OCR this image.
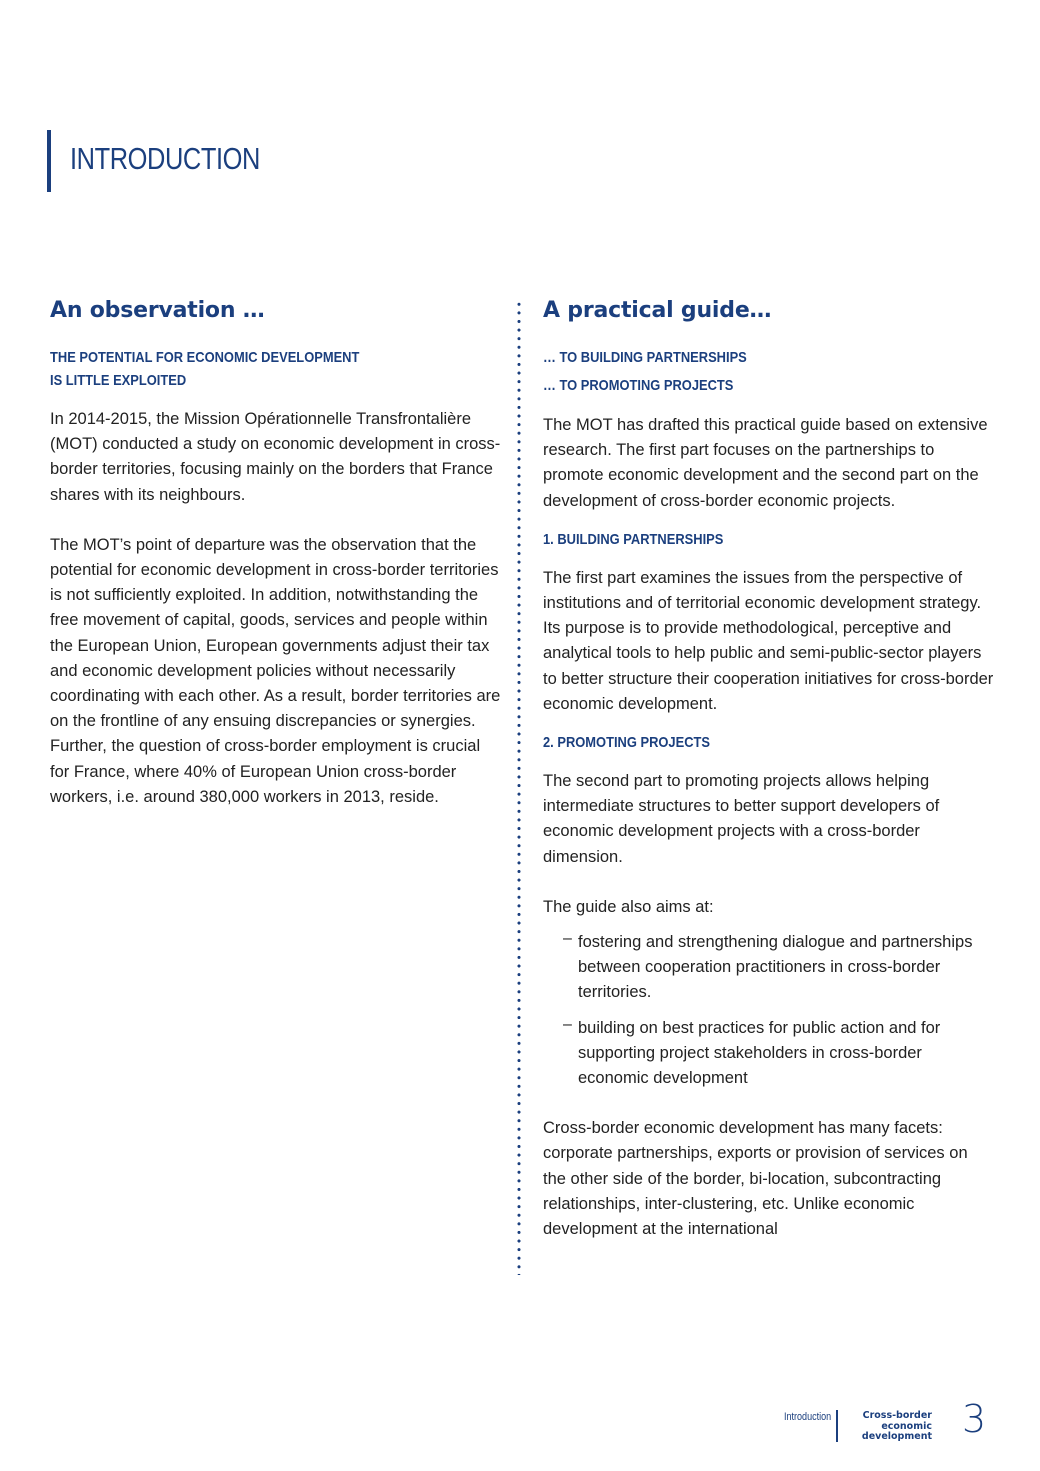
INTRODUCTION
An observation …

THE POTENTIAL FOR ECONOMIC DEVELOPMENT

IS LITTLE EXPLOITED

In 2014-2015, the Mission Opérationnelle Transfrontalière (MOT) conducted a study on economic development in cross-border territories, focusing mainly on the borders that France shares with its neighbours.

The MOT’s point of departure was the observation that the potential for economic development in cross-border territories is not sufficiently exploited. In addition, notwithstanding the free movement of capital, goods, services and people within the European Union, European governments adjust their tax and economic development policies without necessarily coordinating with each other. As a result, border territories are on the frontline of any ensuing discrepancies or synergies. Further, the question of cross-border employment is crucial for France, where 40% of European Union cross-border workers, i.e. around 380,000 workers in 2013, reside.

A practical guide…

… TO BUILDING PARTNERSHIPS

… TO PROMOTING PROJECTS

The MOT has drafted this practical guide based on extensive research. The first part focuses on the partnerships to promote economic development and the second part on the development of cross-border economic projects.

1. BUILDING PARTNERSHIPS

The first part examines the issues from the perspective of institutions and of territorial economic development strategy. Its purpose is to provide methodological, perceptive and analytical tools to help public and semi-public-sector players to better structure their cooperation initiatives for cross-border economic development.

2. PROMOTING PROJECTS

The second part to promoting projects allows helping intermediate structures to better support developers of economic development projects with a cross-border dimension.

The guide also aims at:

– fostering and strengthening dialogue and partnerships between cooperation practitioners in cross-border territories.

– building on best practices for public action and for supporting project stakeholders in cross-border economic development

Cross-border economic development has many facets: corporate partnerships, exports or provision of services on the other side of the border, bi-location, subcontracting relationships, inter-clustering, etc. Unlike economic development at the international

Introduction	Cross-border
economic
development 3
